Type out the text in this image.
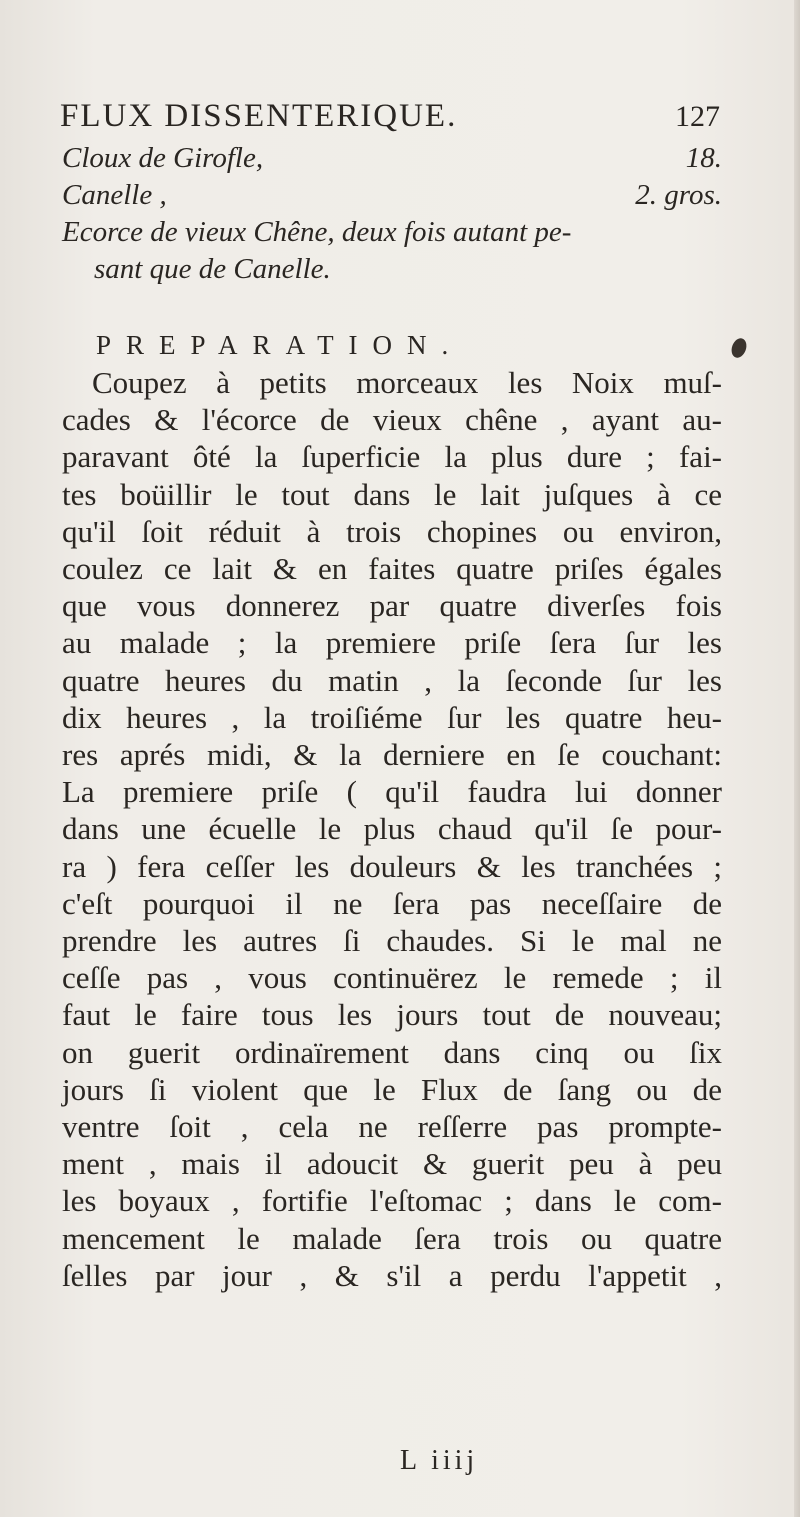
FLUX DISSENTERIQUE.	127
Cloux de Girofle,	18.
Canelle ,	2. gros.
Ecorce de vieux Chêne, deux fois autant pe-
sant que de Canelle.
PREPARATION.
Coupez à petits morceaux les Noix muſ-
cades & l'écorce de vieux chêne , ayant au-
paravant ôté la ſuperficie la plus dure ; fai-
tes boüillir le tout dans le lait juſques à ce
qu'il ſoit réduit à trois chopines ou environ,
coulez ce lait & en faites quatre priſes égales
que vous donnerez par quatre diverſes fois
au malade ; la premiere priſe ſera ſur les
quatre heures du matin , la ſeconde ſur les
dix heures , la troiſiéme ſur les quatre heu-
res aprés midi, & la derniere en ſe couchant:
La premiere priſe ( qu'il faudra lui donner
dans une écuelle le plus chaud qu'il ſe pour-
ra ) fera ceſſer les douleurs & les tranchées ;
c'eſt pourquoi il ne ſera pas neceſſaire de
prendre les autres ſi chaudes. Si le mal ne
ceſſe pas , vous continuërez le remede ; il
faut le faire tous les jours tout de nouveau;
on guerit ordinaïrement dans cinq ou ſix
jours ſi violent que le Flux de ſang ou de
ventre ſoit , cela ne reſſerre pas prompte-
ment , mais il adoucit & guerit peu à peu
les boyaux , fortifie l'eſtomac ; dans le com-
mencement le malade ſera trois ou quatre
ſelles par jour , & s'il a perdu l'appetit ,
L iiij
